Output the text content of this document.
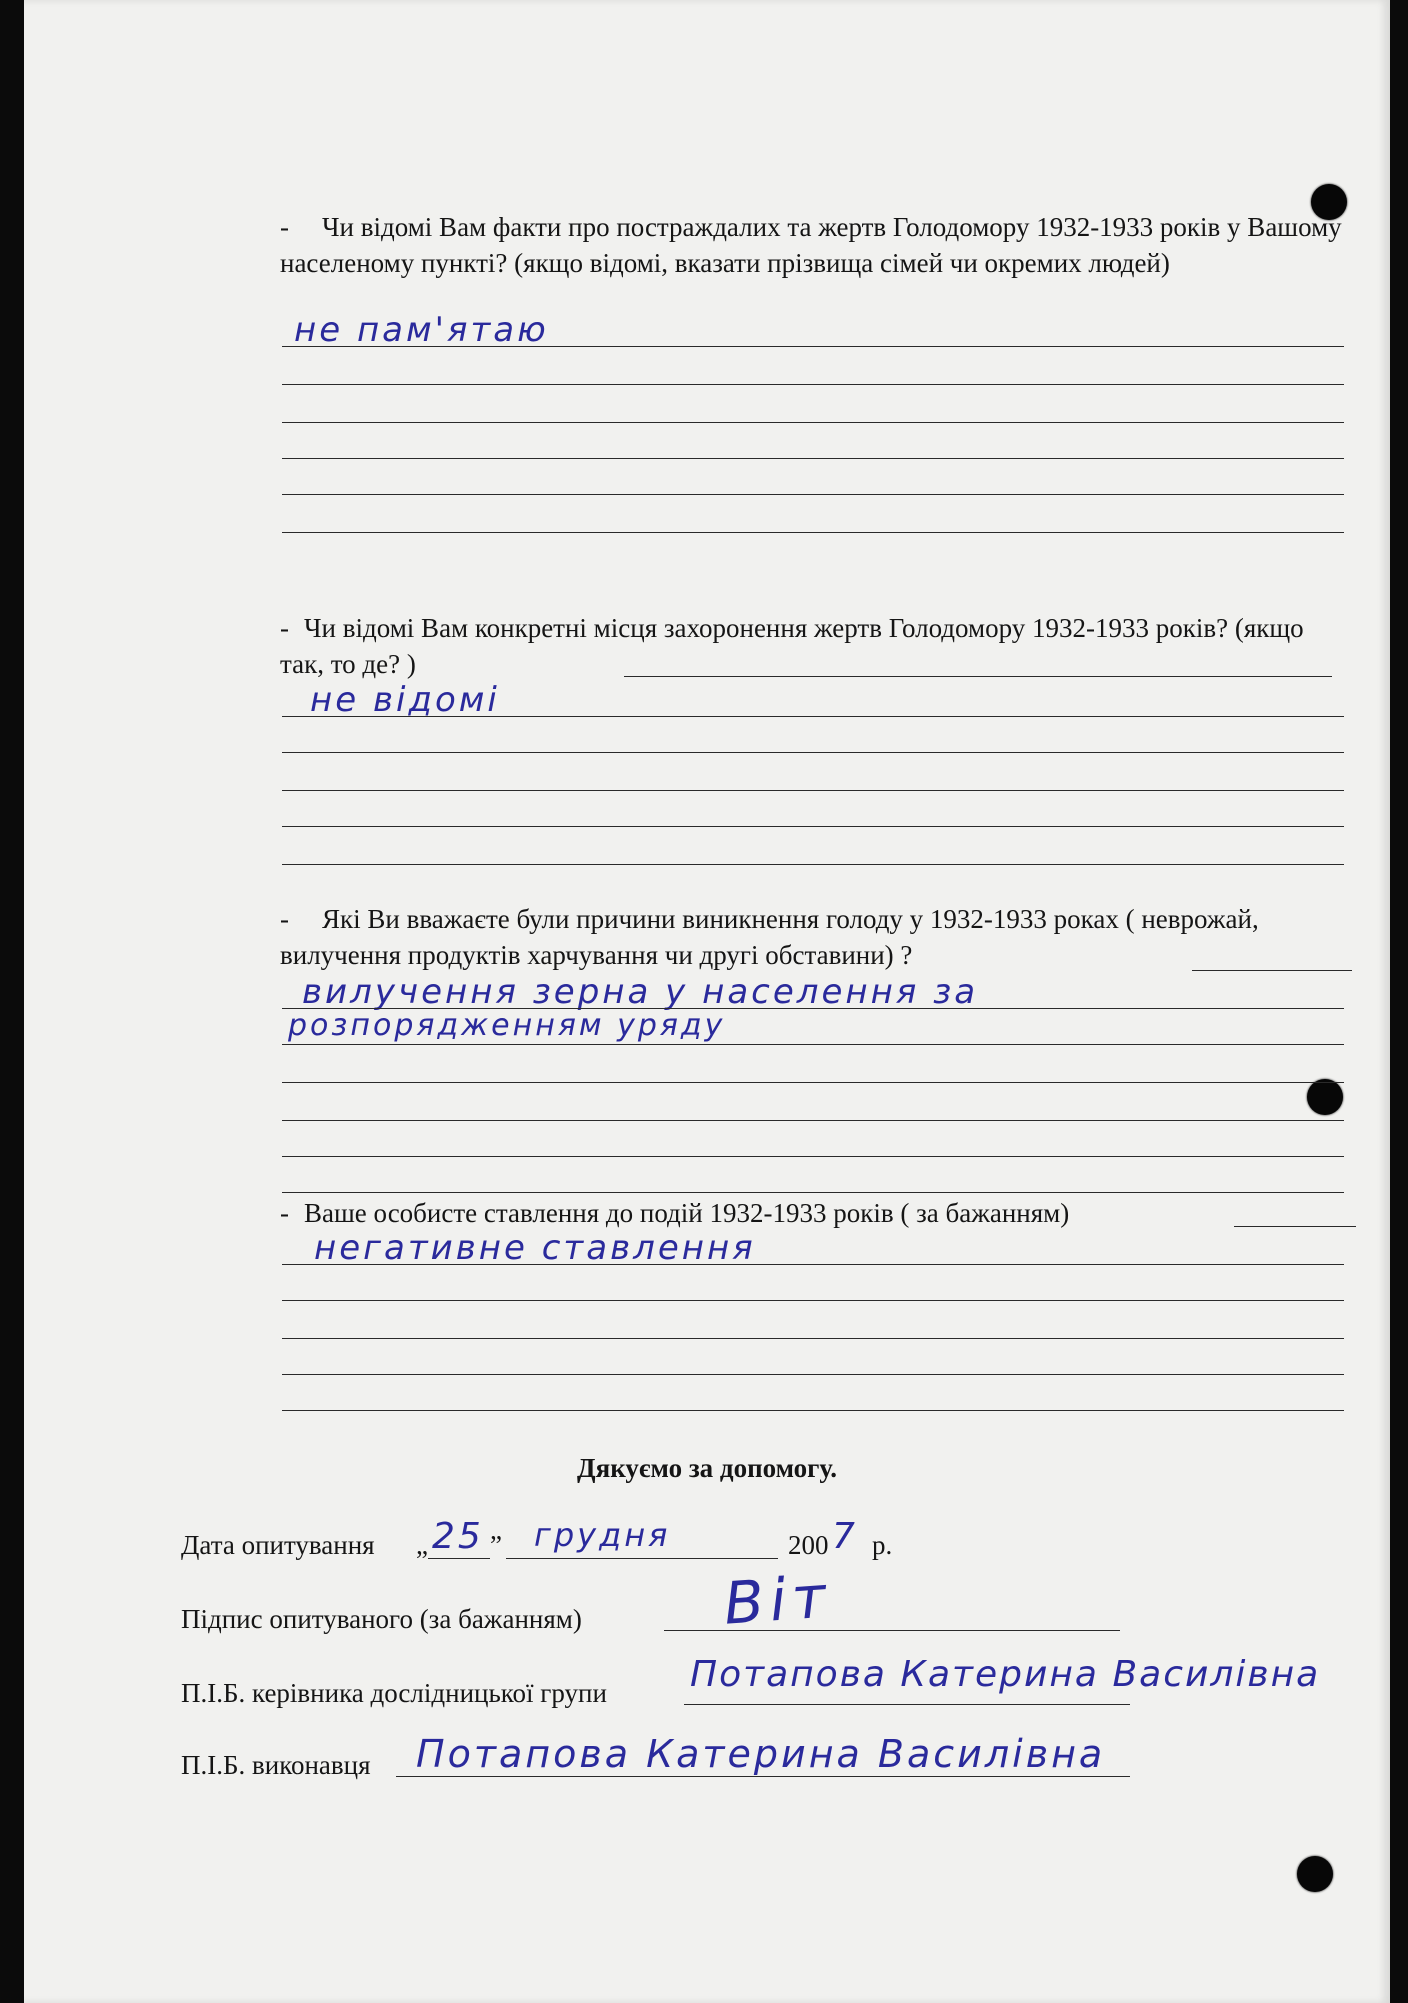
- Чи відомі Вам факти про постраждалих та жертв Голодомору 1932-1933 років у Вашому населеному пункті? (якщо відомі, вказати прізвища сімей чи окремих людей)
не пам'ятаю
- Чи відомі Вам конкретні місця захоронення жертв Голодомору 1932-1933 років? (якщо так, то де? )
не відомі
- Які Ви вважаєте були причини виникнення голоду у 1932-1933 роках ( неврожай, вилучення продуктів харчування чи другі обставини) ?
вилучення зерна у населення за
розпорядженням уряду
- Ваше особисте ставлення до подій 1932-1933 років ( за бажанням)
негативне ставлення
Дякуємо за допомогу.
Дата опитування „ 25 ” грудня	200 7 р.
Підпис опитуваного (за бажанням) Віт
П.І.Б. керівника дослідницької групи Потапова Катерина Василівна
П.І.Б. виконавця Потапова Катерина Василівна
